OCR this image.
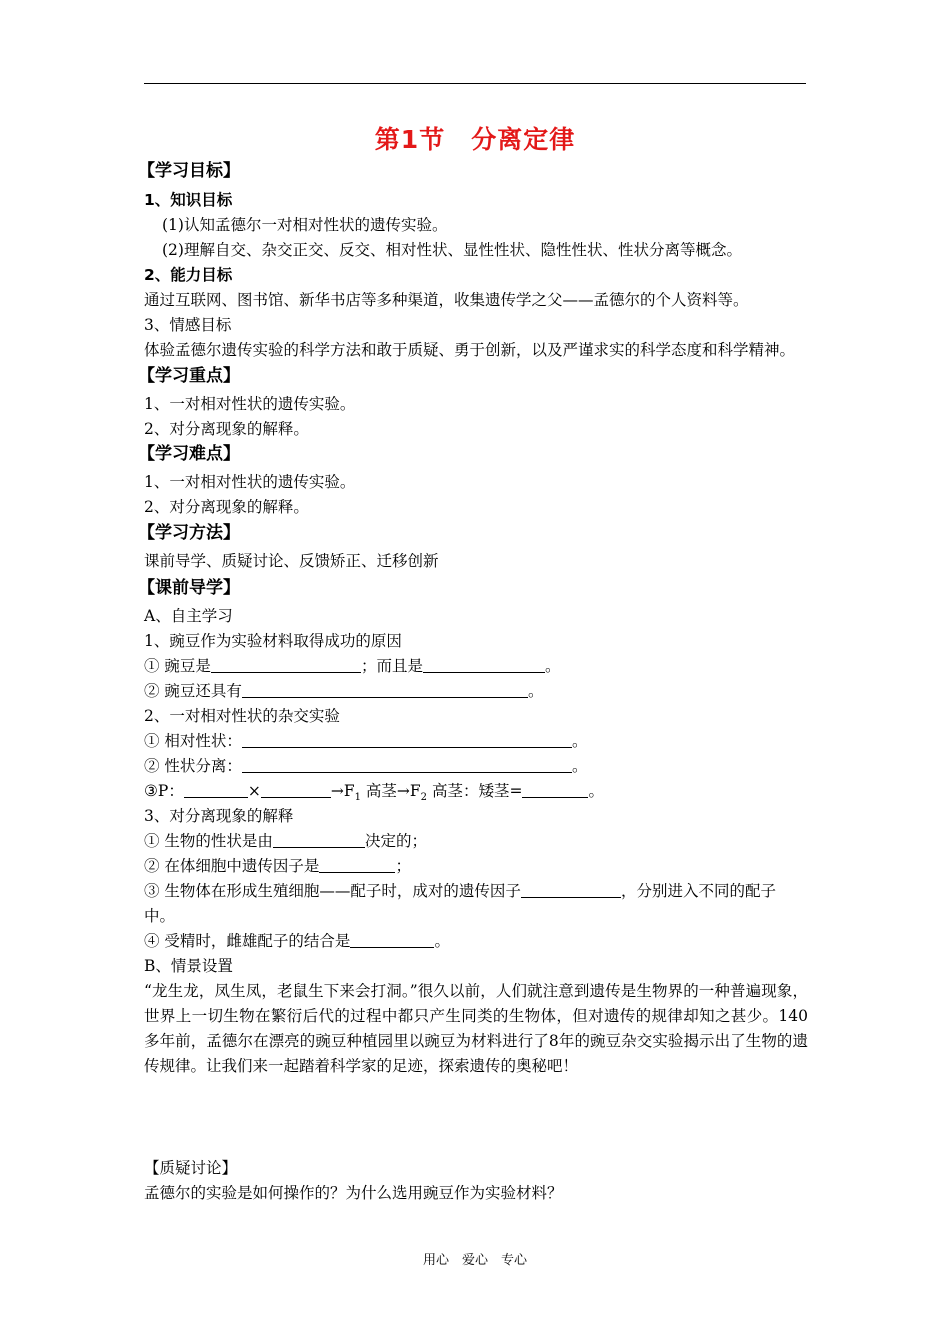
第1节　分离定律
【学习目标】
1、知识目标
(1)认知孟德尔一对相对性状的遗传实验。
(2)理解自交、杂交正交、反交、相对性状、显性性状、隐性性状、性状分离等概念。
2、能力目标
通过互联网、图书馆、新华书店等多种渠道，收集遗传学之父——孟德尔的个人资料等。
3、情感目标
体验孟德尔遗传实验的科学方法和敢于质疑、勇于创新，以及严谨求实的科学态度和科学精神。
【学习重点】
1、一对相对性状的遗传实验。
2、对分离现象的解释。
【学习难点】
1、一对相对性状的遗传实验。
2、对分离现象的解释。
【学习方法】
课前导学、质疑讨论、反馈矫正、迁移创新
【课前导学】
A、自主学习
1、豌豆作为实验材料取得成功的原因
① 豌豆是	；而且是	。
② 豌豆还具有	。
2、一对相对性状的杂交实验
① 相对性状：	。
② 性状分离：	。
③P：	×	$\to F_1$ 高茎$\to F_2$ 高茎：矮茎=	。
3、对分离现象的解释
① 生物的性状是由	决定的；
② 在体细胞中遗传因子是	；
③ 生物体在形成生殖细胞——配子时，成对的遗传因子	，分别进入不同的配子
中。
④ 受精时，雌雄配子的结合是	。
B、情景设置

“龙生龙，凤生凤，老鼠生下来会打洞。”很久以前，人们就注意到遗传是生物界的一种普遍现象，世界上一切生物在繁衍后代的过程中都只产生同类的生物体，但对遗传的规律却知之甚少。140多年前，孟德尔在漂亮的豌豆种植园里以豌豆为材料进行了8年的豌豆杂交实验揭示出了生物的遗传规律。让我们来一起踏着科学家的足迹，探索遗传的奥秘吧！

【质疑讨论】
孟德尔的实验是如何操作的？为什么选用豌豆作为实验材料？
用心　爱心　专心
